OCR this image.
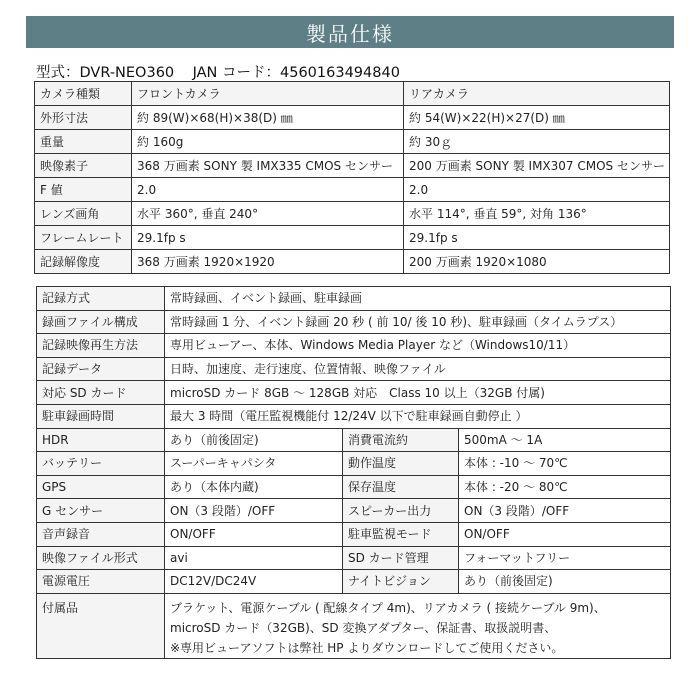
製品仕様
型式：DVR-NEO360 JAN コード：4560163494840
カメラ種類	フロントカメラ	リアカメラ
外形寸法	約 89(W)×68(H)×38(D) ㎜	約 54(W)×22(H)×27(D) ㎜
重量	約 160g	約 30ｇ
映像素子	368 万画素 SONY 製 IMX335 CMOS センサー	200 万画素 SONY 製 IMX307 CMOS センサー
F 値	2.0	2.0
レンズ画角	水平 360°, 垂直 240°	水平 114°, 垂直 59°, 対角 136°
フレームレート	29.1fp s	29.1fp s
記録解像度	368 万画素 1920×1920	200 万画素 1920×1080
記録方式	常時録画、イベント録画、駐車録画		
録画ファイル構成	常時録画 1 分、イベント録画 20 秒 ( 前 10/ 後 10 秒)、駐車録画（タイムラプス）		
記録映像再生方法	専用ビューアー、本体、Windows Media Player など（Windows10/11）		
記録データ	日時、加速度、走行速度、位置情報、映像ファイル		
対応 SD カード	microSD カード 8GB ～ 128GB 対応　Class 10 以上（32GB 付属)		
駐車録画時間	最大 3 時間（電圧監視機能付 12/24V 以下で駐車録画自動停止 ）		
HDR	あり（前後固定)	消費電流約	500mA ～ 1A
バッテリー	スーパーキャパシタ	動作温度	本体 : -10 ～ 70℃
GPS	あり（本体内蔵)	保存温度	本体 : -20 ～ 80℃
G センサー	ON（3 段階）/OFF	スピーカー出力	ON（3 段階）/OFF
音声録音	ON/OFF	駐車監視モード	ON/OFF
映像ファイル形式	avi	SD カード管理	フォーマットフリー
電源電圧	DC12V/DC24V	ナイトビジョン	あり（前後固定)
付属品	ブラケット、電源ケーブル ( 配線タイプ 4m)、リアカメラ ( 接続ケーブル 9m)、
microSD カード（32GB)、SD 変換アダプター、保証書、取扱説明書、
※専用ビューアソフトは弊社 HP よりダウンロードしてご使用ください。		
